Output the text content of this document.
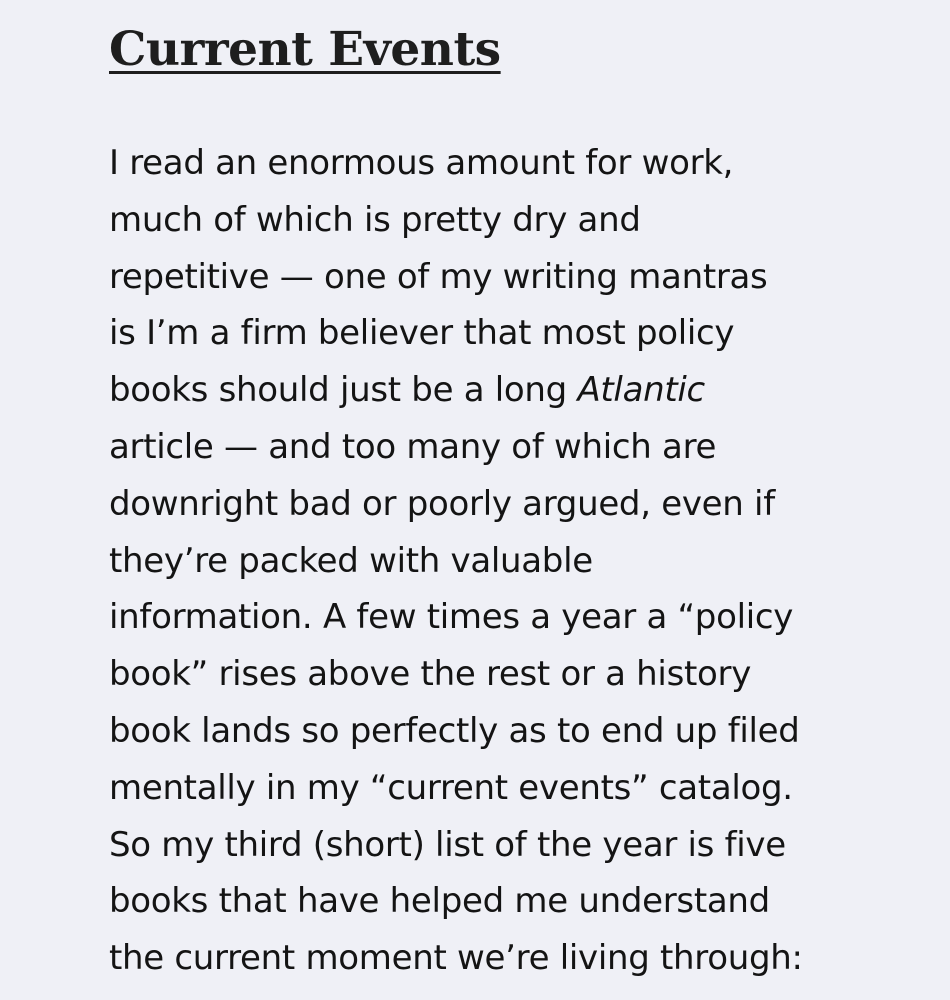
Current Events
I read an enormous amount for work,
much of which is pretty dry and
repetitive — one of my writing mantras
is I’m a firm believer that most policy
books should just be a long Atlantic
article — and too many of which are
downright bad or poorly argued, even if
they’re packed with valuable
information. A few times a year a “policy
book” rises above the rest or a history
book lands so perfectly as to end up filed
mentally in my “current events” catalog.
So my third (short) list of the year is five
books that have helped me understand
the current moment we’re living through:
